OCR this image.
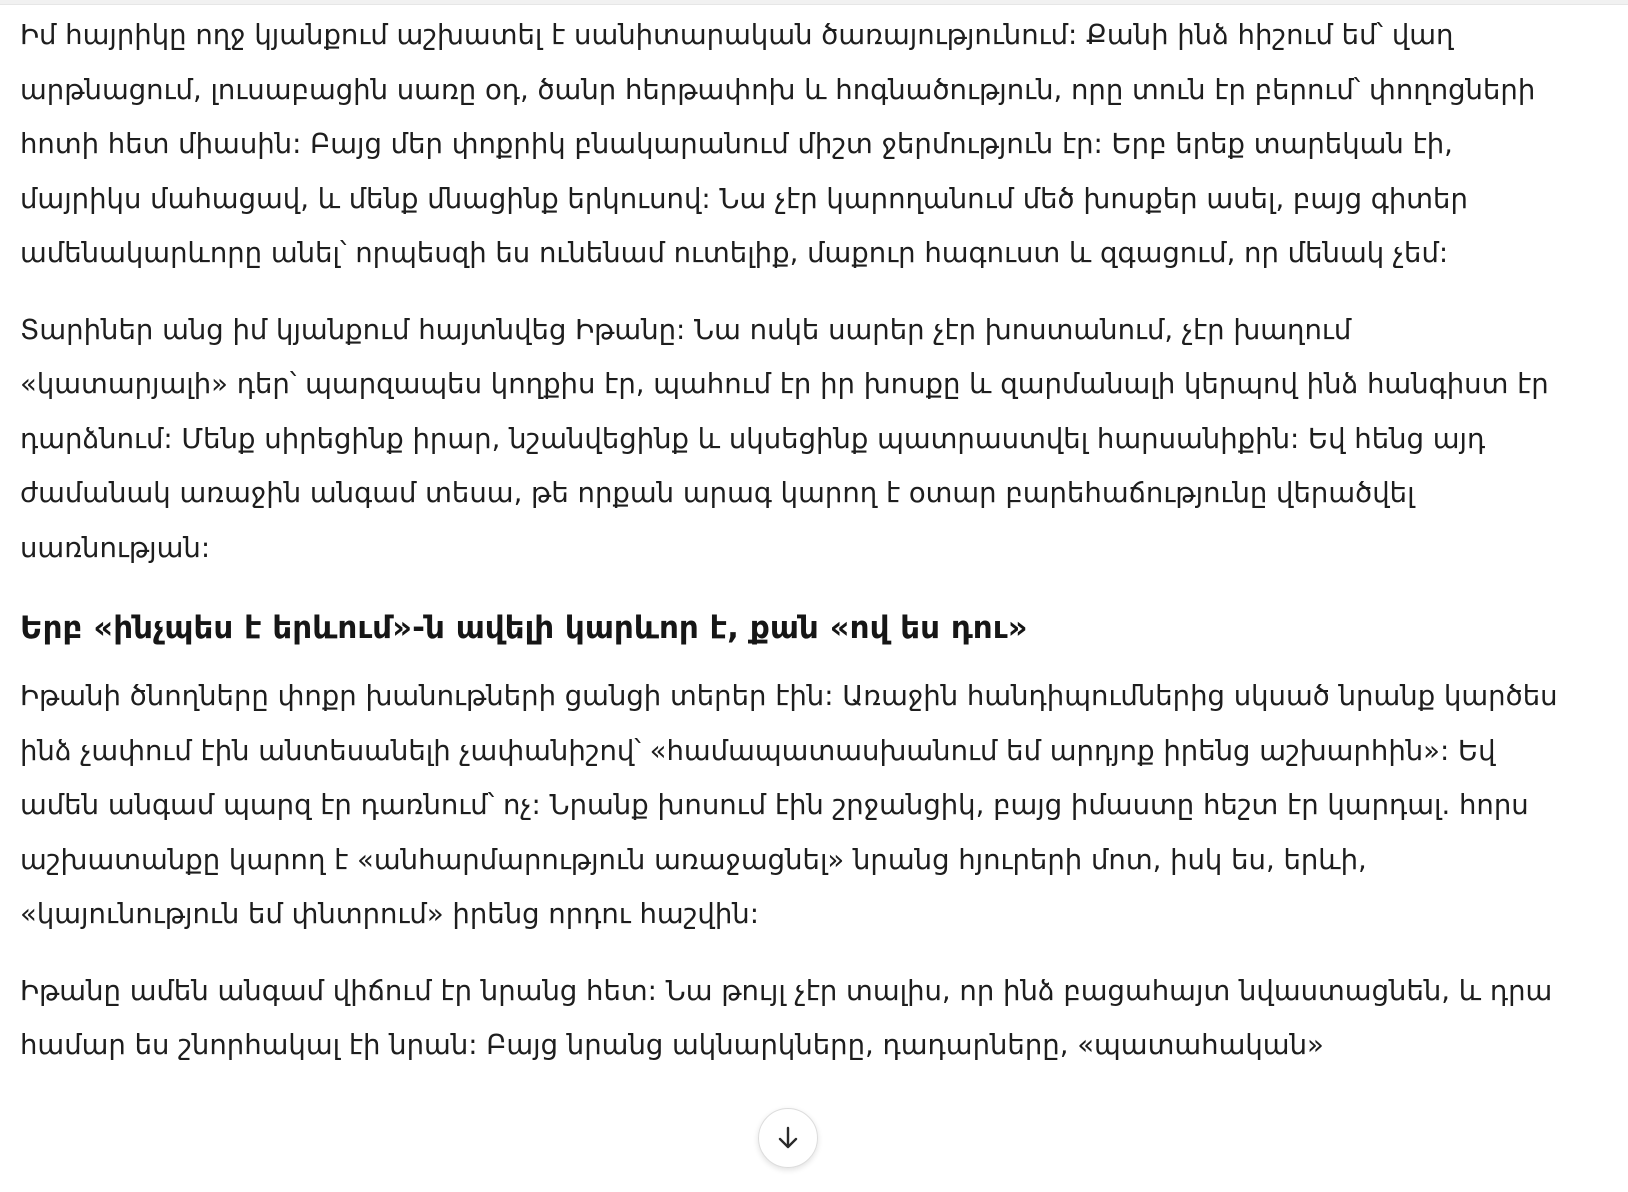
Իմ հայրիկը ողջ կյանքում աշխատել է սանիտարական ծառայությունում: Քանի ինձ հիշում եմ՝ վաղ արթնացում, լուսաբացին սառը օդ, ծանր հերթափոխ և հոգնածություն, որը տուն էր բերում՝ փողոցների հոտի հետ միասին: Բայց մեր փոքրիկ բնակարանում միշտ ջերմություն էր: Երբ երեք տարեկան էի, մայրիկս մահացավ, և մենք մնացինք երկուսով: Նա չէր կարողանում մեծ խոսքեր ասել, բայց գիտեր ամենակարևորը անել՝ որպեսզի ես ունենամ ուտելիք, մաքուր հագուստ և զգացում, որ մենակ չեմ:

Տարիներ անց իմ կյանքում հայտնվեց Իթանը: Նա ոսկե սարեր չէր խոստանում, չէր խաղում «կատարյալի» դեր՝ պարզապես կողքիս էր, պահում էր իր խոսքը և զարմանալի կերպով ինձ հանգիստ էր դարձնում: Մենք սիրեցինք իրար, նշանվեցինք և սկսեցինք պատրաստվել հարսանիքին: Եվ հենց այդ ժամանակ առաջին անգամ տեսա, թե որքան արագ կարող է օտար բարեհաճությունը վերածվել սառնության:

Երբ «ինչպես է երևում»-ն ավելի կարևոր է, քան «ով ես դու»

Իթանի ծնողները փոքր խանութների ցանցի տերեր էին: Առաջին հանդիպումներից սկսած նրանք կարծես ինձ չափում էին անտեսանելի չափանիշով՝ «համապատասխանում եմ արդյոք իրենց աշխարհին»: Եվ ամեն անգամ պարզ էր դառնում՝ ոչ: Նրանք խոսում էին շրջանցիկ, բայց իմաստը հեշտ էր կարդալ. հորս աշխատանքը կարող է «անհարմարություն առաջացնել» նրանց հյուրերի մոտ, իսկ ես, երևի, «կայունություն եմ փնտրում» իրենց որդու հաշվին:

Իթանը ամեն անգամ վիճում էր նրանց հետ: Նա թույլ չէր տալիս, որ ինձ բացահայտ նվաստացնեն, և դրա համար ես շնորհակալ էի նրան: Բայց նրանց ակնարկները, դադարները, «պատահական»
